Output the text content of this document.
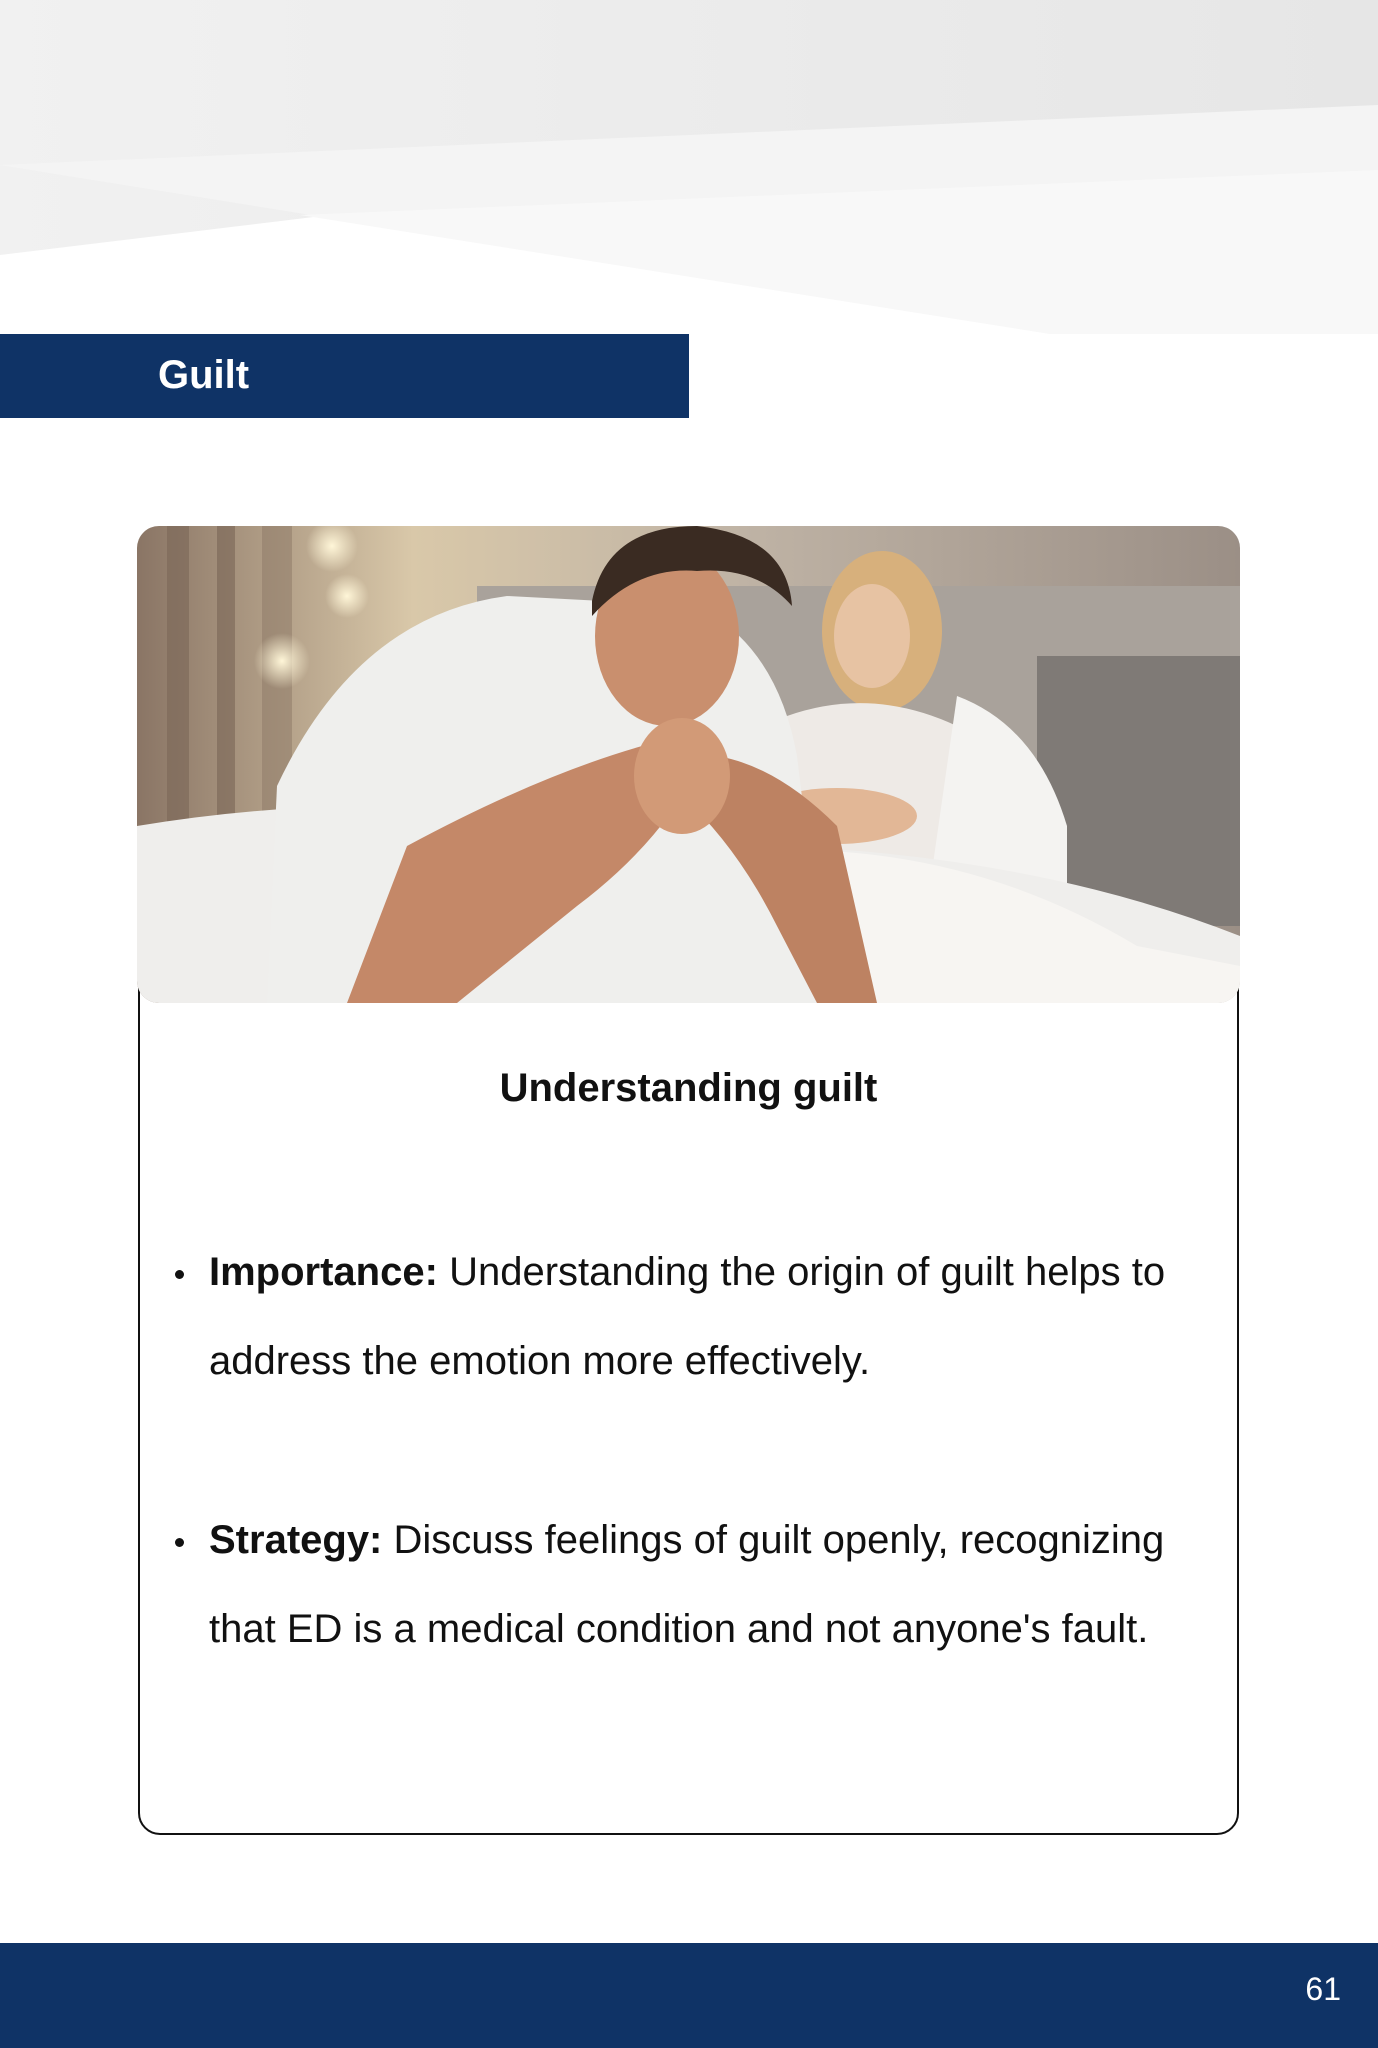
Guilt
Understanding guilt
Importance: Understanding the origin of guilt helps to address the emotion more effectively.
Strategy: Discuss feelings of guilt openly, recognizing that ED is a medical condition and not anyone's fault.
61
